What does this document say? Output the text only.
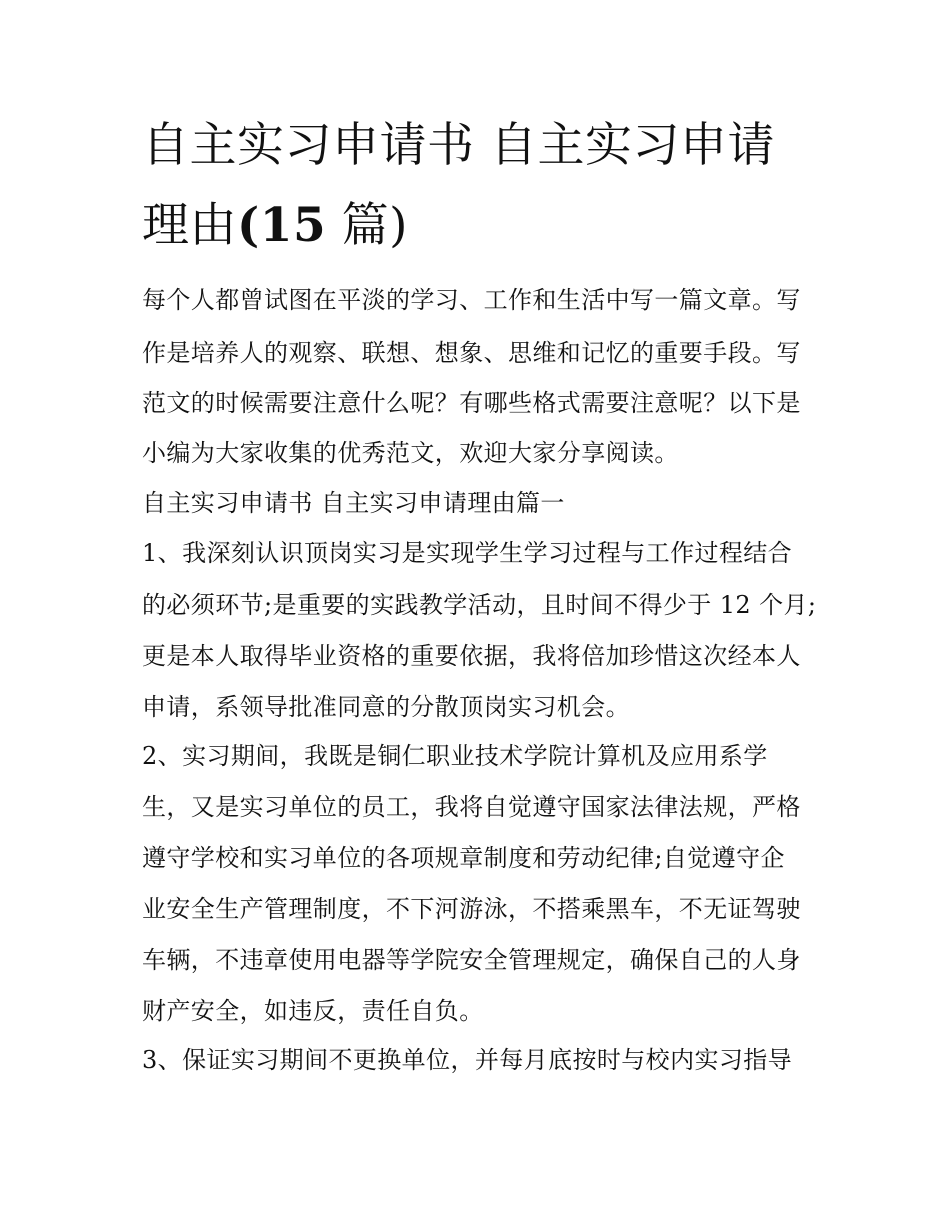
自主实习申请书 自主实习申请
理由(15 篇)
每个人都曾试图在平淡的学习、工作和生活中写一篇文章。写
作是培养人的观察、联想、想象、思维和记忆的重要手段。写
范文的时候需要注意什么呢？有哪些格式需要注意呢？以下是
小编为大家收集的优秀范文，欢迎大家分享阅读。
自主实习申请书 自主实习申请理由篇一
1、我深刻认识顶岗实习是实现学生学习过程与工作过程结合
的必须环节;是重要的实践教学活动，且时间不得少于 12 个月;
更是本人取得毕业资格的重要依据，我将倍加珍惜这次经本人
申请，系领导批准同意的分散顶岗实习机会。
2、实习期间，我既是铜仁职业技术学院计算机及应用系学
生，又是实习单位的员工，我将自觉遵守国家法律法规，严格
遵守学校和实习单位的各项规章制度和劳动纪律;自觉遵守企
业安全生产管理制度，不下河游泳，不搭乘黑车，不无证驾驶
车辆，不违章使用电器等学院安全管理规定，确保自己的人身
财产安全，如违反，责任自负。
3、保证实习期间不更换单位，并每月底按时与校内实习指导
